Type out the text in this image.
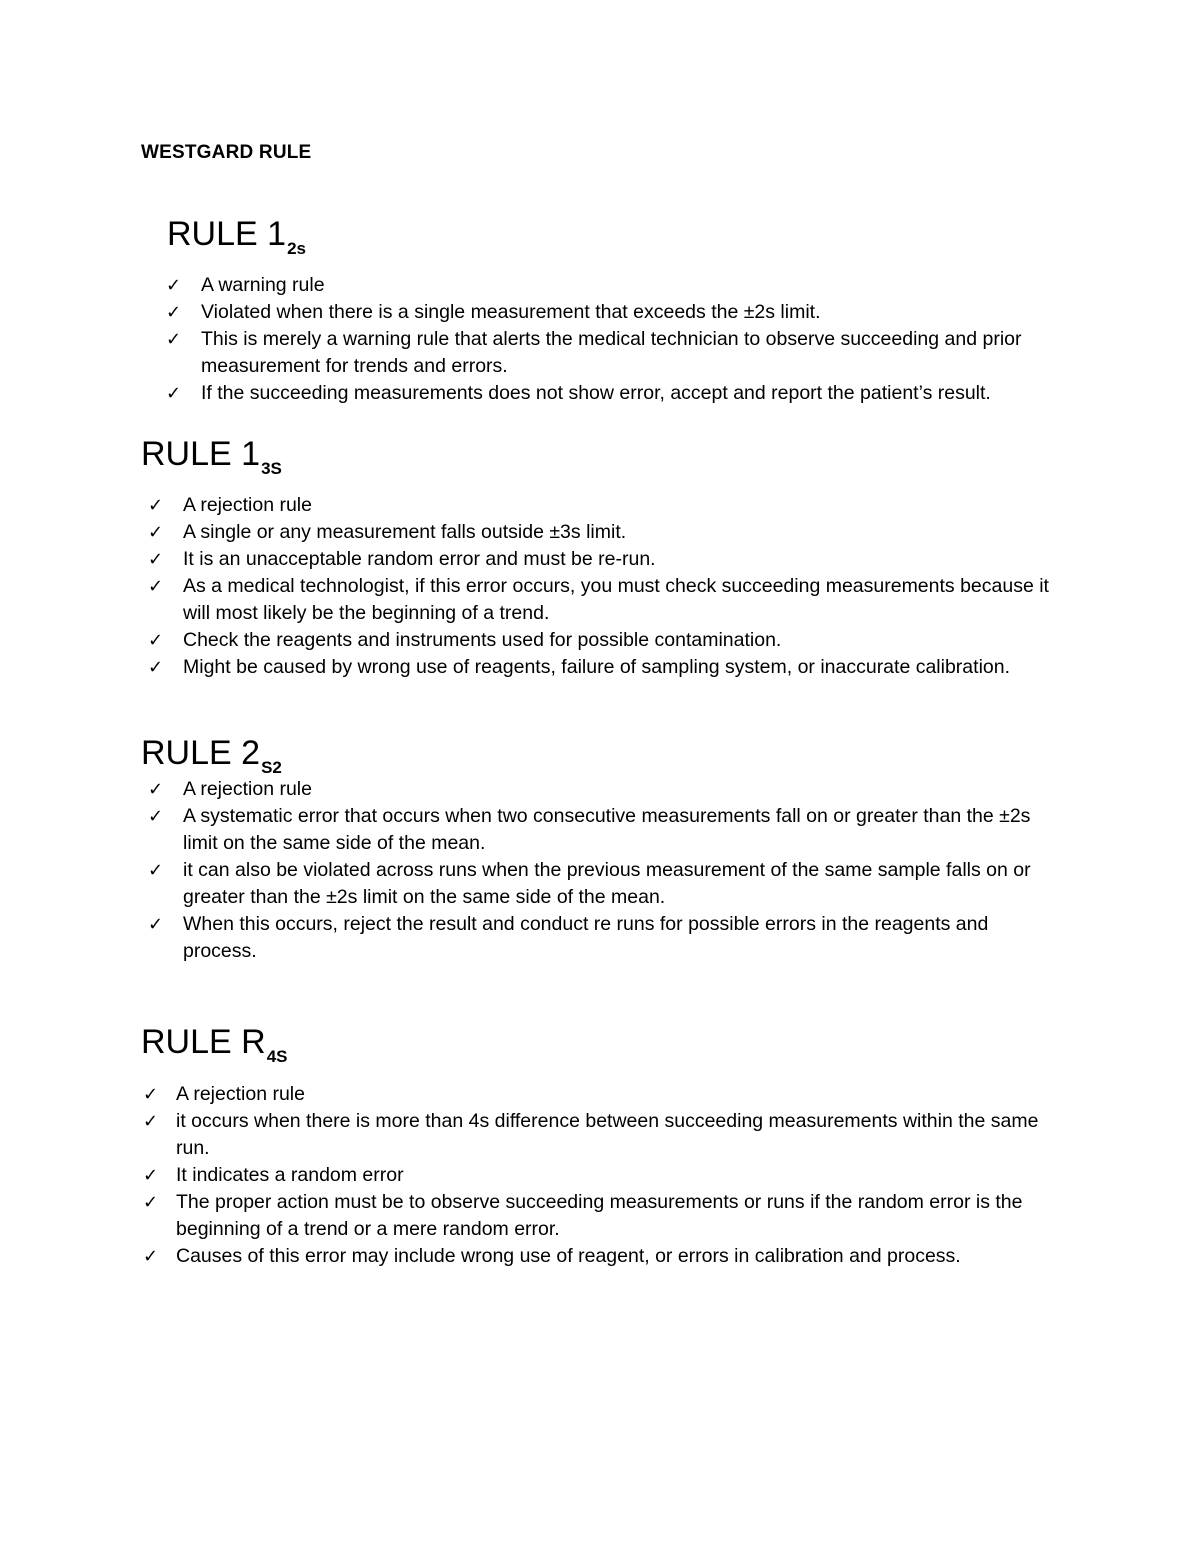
WESTGARD RULE
RULE $1_{2s}$
✓ A warning rule
✓ Violated when there is a single measurement that exceeds the ±2s limit.
✓ This is merely a warning rule that alerts the medical technician to observe succeeding and prior measurement for trends and errors.
✓ If the succeeding measurements does not show error, accept and report the patient’s result.
RULE $1_{3S}$
✓ A rejection rule
✓ A single or any measurement falls outside ±3s limit.
✓ It is an unacceptable random error and must be re-run.
✓ As a medical technologist, if this error occurs, you must check succeeding measurements because it will most likely be the beginning of a trend.
✓ Check the reagents and instruments used for possible contamination.
✓ Might be caused by wrong use of reagents, failure of sampling system, or inaccurate calibration.
RULE $2_{S2}$
✓ A rejection rule
✓ A systematic error that occurs when two consecutive measurements fall on or greater than the ±2s limit on the same side of the mean.
✓ it can also be violated across runs when the previous measurement of the same sample falls on or greater than the ±2s limit on the same side of the mean.
✓ When this occurs, reject the result and conduct re runs for possible errors in the reagents and process.
RULE $R_{4S}$
✓ A rejection rule
✓ it occurs when there is more than 4s difference between succeeding measurements within the same run.
✓ It indicates a random error
✓ The proper action must be to observe succeeding measurements or runs if the random error is the beginning of a trend or a mere random error.
✓ Causes of this error may include wrong use of reagent, or errors in calibration and process.
